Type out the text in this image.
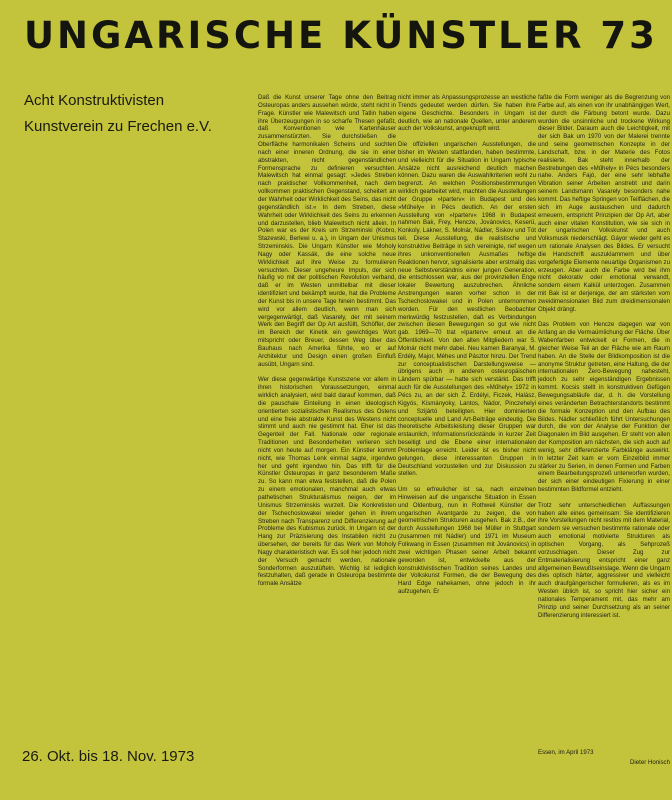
UNGARISCHE KÜNSTLER 73
Acht Konstruktivisten
Kunstverein zu Frechen e.V.
26. Okt. bis 18. Nov. 1973

Daß die Kunst unserer Tage ohne den Beitrag Osteuropas anders aussehen würde, steht nicht in Frage. Künstler wie Malewitsch und Tatlin haben ihre Überzeugungen in so scharfe Thesen gefaßt, daß Konventionen wie Kartenhäuser zusammenstürzten. Sie durchstießen die Oberfläche harmonikalen Scheins und suchten nach einer inneren Ordnung, die sie in einer abstrakten, nicht gegenständlichen Formensprache zu definieren versuchten. Malewitsch hat einmal gesagt: »Jedes Streben nach praktischer Vollkommenheit, nach dem vollkommen praktischen Gegenstand, scheitert an der Wahrheit oder Wirklichkeit des Seins, das nicht gegenständlich ist.« In dem Streben, diese Wahrheit oder Wirklichkeit des Seins zu erkennen und darzustellen, blieb Malewitsch nicht allein. In Polen war es der Kreis um Strzeminski (Kobro, Stazewski, Berlewi u. a.), in Ungarn der Unismus Strzeminskis. Die Ungarn Künstler wie Moholy Nagy oder Kassák, die eine solche neue Wirklichkeit auf ihre Weise zu formulieren versuchten. Dieser ungeheure Impuls, der sich häufig vo mit der politischen Revolution verband, daß er im Westen unmittelbar mit dieser identifiziert und bekämpft wurde, hat die Probleme der Kunst bis in unsere Tage hinein bestimmt. Das wird vor allem deutlich, wenn man sich vergegenwärtigt, daß Vasarely, der mit seinem Werk den Begriff der Op Art ausfüllt, Schöffer, der im Bereich der Kinetik ein gewichtiges Wort mitspricht oder Breuer, dessen Weg über das Bauhaus nach Amerika führte, wo er auf Architektur und Design einen großen Einfluß ausübt, Ungarn sind.

Wer diese gegenwärtige Kunstszene vor allem in ihren historischen Voraussetzungen, einmal wirklich analysiert, wird bald darauf kommen, daß die pauschale Einteilung in einen ideologisch orientierten sozialistischen Realismus des Ostens und eine freie abstrakte Kunst des Westens nicht stimmt und auch nie gestimmt hat. Eher ist das Gegenteil der Fall. Nationale oder regionale Traditionen und Besonderheiten verlieren sich nicht von heute auf morgen. Ein Künstler kommt nicht, wie Thomas Lenk einmal sagte, irgendwo her und geht irgendwo hin. Das trifft für die Künstler Osteuropas in ganz besonderem Maße zu. So kann man etwa feststellen, daß die Polen zu einem emotionalen, manchmal auch etwas pathetischen Strukturalismus neigen, der im Unismus Strzeminskis wurzelt. Die Konkretisten der Tschechoslowakei wieder gehen in ihrem Streben nach Transparenz und Differenzierung auf Probleme des Kubismus zurück. In Ungarn ist der Hang zur Präzisierung des Instabilen nicht zu übersehen, der bereits für das Werk von Moholy Nagy charakteristisch war. Es soll hier jedoch nicht der Versuch gemacht werden, nationale Sonderformen auszutüfteln. Wichtig ist lediglich festzuhalten, daß gerade in Osteuropa bestimmte formale Ansätze

nicht immer als Anpassungsprozesse an westliche Trends gedeutet werden dürfen. Sie haben ihre eigene Geschichte. Besonders in Ungarn ist deutlich, wie an nationale Quellen, unter anderem auch der Volkskunst, angeknüpft wird.

Die offiziellen ungarischen Ausstellungen, die bisher im Westen stattfanden, haben bestimmte, und vielleicht für die Situation in Ungarn typische Ansätze nicht ausreichend deutlich machen können. Dazu waren die Auswahlkriterien wohl zu begrenzt. An welchen Positionsbestimmungen wirklich gearbeitet wird, machten die Ausstellungen der Gruppe »Iparterv« in Budapest und des »Műhely« in Pécs deutlich. An der ersten Ausstellung von »Iparterv« 1968 in Budapest nahmen Bak, Frey, Hencze, Jovánovics, Keserü, Konkoly, Lakner, S. Molnár, Nádler, Siskov und Tót teil. Diese Ausstellung, die realistische und konstruktive Beiträge in sich vereinigte, rief wegen ihres unkonventionellen Ausmaßes heftige Reaktionen hervor, signalisierte aber erstmalig das neue Selbstverständnis einer jungen Generation, die entschlossen war, aus der provinziellen Enge lokaler Bewertung auszubrechen. Ähnliche Anstrengungen waren vorher schon in der Tschechoslowakei und in Polen unternommen worden. Für den westlichen Beobachter merkwürdig festzustellen, daß es Verbindungen zwischen diesen Bewegungen so gut wie nicht gab. 1969—70 trat »Iparterv« erneut an die Öffentlichkeit. Von den alten Mitgliedern war S. Molnár nicht mehr dabei. Neu kamen Baranyai, M. Erdély, Major, Méhes und Pásztor hinzu. Der Trend zur conceptualistischen Darstellungsweise — übrigens auch in anderen osteuropäischen Ländern spürbar — hatte sich verstärkt. Das trifft auch für die Ausstellungen des »Műhely« 1972 in Pécs zu, an der sich Z. Erdélyi, Ficzek, Halász, Kigyós, Kismányoky, Lantos, Nádor, Pinczehelyi und Szijártó beteiligten. Hier dominierten conceptuelle und Land Art-Beiträge eindeutig. Die theoretische Arbeitsleistung dieser Gruppen war erstaunlich, Informationsrückstände in kurzer Zeit beseitigt und die Ebene einer internationalen Problemlage erreicht. Leider ist es bisher nicht gelungen, diese interessanten Gruppen in Deutschland vorzustellen und zur Diskussion zu stellen.

Um so erfreulicher ist sa, nach einzelnen Hinweisen auf die ungarische Situation in Essen und Oldenburg, nun in Rothweil Künstler der ungarischen Avantgarde zu zeigen, die von geometrischen Strukturen ausgehen. Bak z.B., der durch Ausstellungen 1968 bei Müller in Stuttgart (zusammen mit Nádler) und 1971 im Museum Folkwang in Essen (zusammen mit Jovánovics) in zwei wichtigen Phasen seiner Arbeit bekannt geworden ist, entwickelte aus der konstruktivistischen Tradition seines Landes und der Volkskunst Formen, die der Bewegung des Hard Edge nahekamen, ohne jedoch in ihr aufzugehen. Er

faßte die Form weniger als die Begrenzung von Farbe auf, als einen von ihr unabhängigen Wert, der durch die Färbung betont wurde. Dazu wurden die unsinnliche und trockene Wirkung dieser Bilder. Daraum auch die Leichtigkeit, mit der sich Bak um 1970 von der Malerei trennte und seine geometrischen Konzepte in der Landschaft, bzw. in der Materie des Fotos realisierte. Bak steht innerhalb der Bestrebungen des »Műhely« in Pécs besonders nahe. Anders Fajó, der eine sehr lebhafte Vibration seiner Arbeiten anstrebt und darin seinem Landsmann Vasarely besonders nahe kommt. Das heftige Springen von Teilflächen, die sich im Auge austauschen und dadurch erneuern, entspricht Prinzipien der Op Art, aber auch einer vitalen Konstitution, wie sie sich in der ungarischen Volkskunst und auch Volksmusik niederschlägt. Gáyor wieder geht es um rationale Analysen des Bildes. Er versucht die Handschrift auszuklammern und über vorgefertigte Elemente neuartige Organismen zu erzeugen. Aber auch die Farbe wird bei ihm nicht dekorativ oder emotional verwandt, sondern einem Kalkül unterzogen. Zusammen mit Bak ist er derjenige, der am stärksten vom zweidimensionalen Bild zum dreidimensionalen Objekt drängt.

Das Problem von Hencze dagegen war von Anfang an die Vermaümlichung der Fläche. Über Wabenfarben entwickelt er Formen, die in gleicher Weise Teil an der Fläche wie am Raum haben. An die Stelle der Bildkomposition ist die anonyme Struktur getreten, eine Haltung, die der internationalen Zero-Bewegung nahesteht, jedoch zu sehr eigenständigen Ergebnissen kommt. Kocsis stellt in konstruktiven Gefügen Bewegungsabläufe dar, d. h. die Vorstellung eines veränderten Betrachterstandorts bestimmt die formale Konzeption und den Aufbau des Bildes. Nádler schließlich führt Untersuchungen durch, die von der Analyse der Funktion der Diagonalen im Bild ausgehen. Er steht von allen der Komposition am nächsten, die sich auch auf wenig, sehr differenzierte Farbklänge auswirkt. In letzter Zeit kam er vom Einzelbild immer stärker zu Serien, in denen Formen und Farben einem Bearbeitungsprozeß unterworfen wurden, der sich einer eindeutigen Fixierung in einer bestimmten Bildformel entzieht.

Trotz sehr unterschiedlichen Auffassungen haben alle eines gemeinsam: Sie identifizieren ihre Vorstellungen nicht restlos mit dem Material, sondern sie versuchen bestimmte rationale oder auch emotional motivierte Strukturen als optischen Vorgang, als Sehprozeß vorzuschlagen. Dieser Zug zur Entmaterialisierung entspricht einer ganz allgemeinen Bewußtseinslage. Wenn die Ungarn dies optisch härter, aggressiver und vielleicht auch draufgängerischer formulieren, als es im Westen üblich ist, so spricht hier sicher ein nationales Temperament mit, das mehr am Prinzip und seiner Durchsetzung als an seiner Differenzierung interessiert ist.

Essen, im April 1973
Dieter Honisch
